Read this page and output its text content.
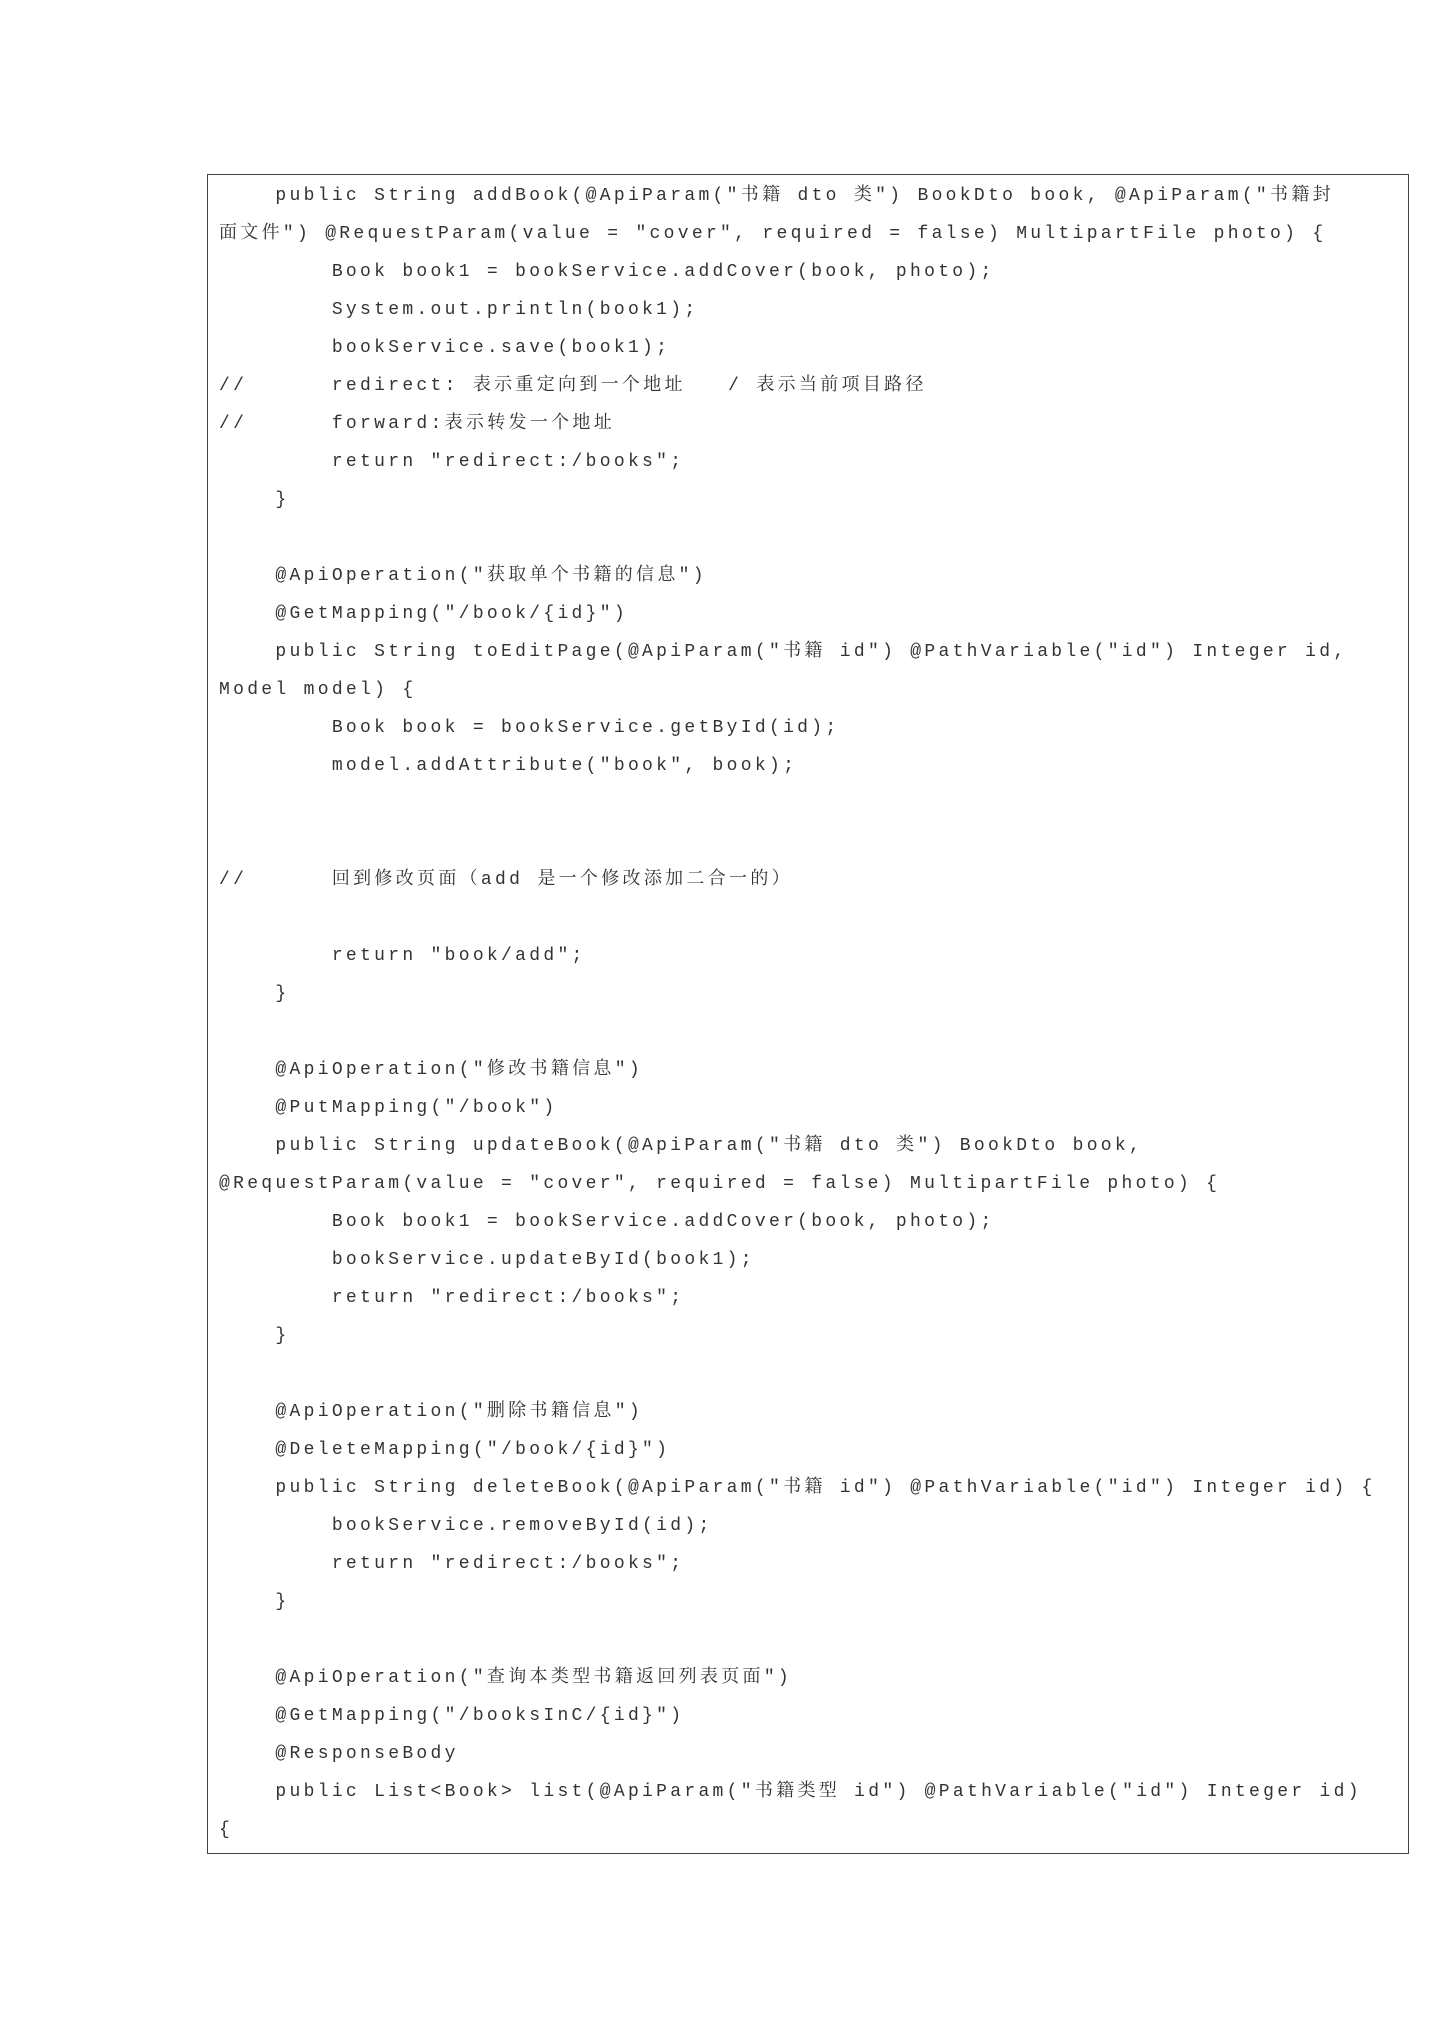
public String addBook(@ApiParam("书籍 dto 类") BookDto book, @ApiParam("书籍封
面文件") @RequestParam(value = "cover", required = false) MultipartFile photo) {
Book book1 = bookService.addCover(book, photo);
System.out.println(book1);
bookService.save(book1);
//      redirect: 表示重定向到一个地址   / 表示当前项目路径
//      forward:表示转发一个地址
return "redirect:/books";
}
@ApiOperation("获取单个书籍的信息")
@GetMapping("/book/{id}")
public String toEditPage(@ApiParam("书籍 id") @PathVariable("id") Integer id,
Model model) {
Book book = bookService.getById(id);
model.addAttribute("book", book);
//      回到修改页面（add 是一个修改添加二合一的）
return "book/add";
}
@ApiOperation("修改书籍信息")
@PutMapping("/book")
public String updateBook(@ApiParam("书籍 dto 类") BookDto book,
@RequestParam(value = "cover", required = false) MultipartFile photo) {
Book book1 = bookService.addCover(book, photo);
bookService.updateById(book1);
return "redirect:/books";
}
@ApiOperation("删除书籍信息")
@DeleteMapping("/book/{id}")
public String deleteBook(@ApiParam("书籍 id") @PathVariable("id") Integer id) {
bookService.removeById(id);
return "redirect:/books";
}
@ApiOperation("查询本类型书籍返回列表页面")
@GetMapping("/booksInC/{id}")
@ResponseBody
public List<Book> list(@ApiParam("书籍类型 id") @PathVariable("id") Integer id)
{
